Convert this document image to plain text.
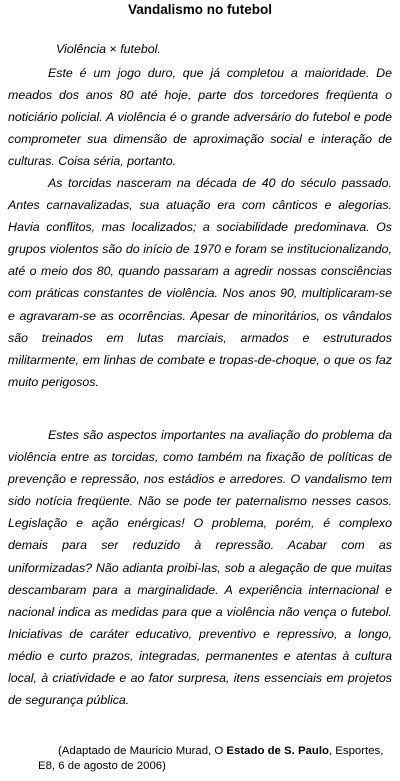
Vandalismo no futebol
Violência × futebol.

Este é um jogo duro, que já completou a maioridade. De meados dos anos 80 até hoje, parte dos torcedores freqüenta o noticiário policial. A violência é o grande adversário do futebol e pode comprometer sua dimensão de aproximação social e interação de culturas. Coisa séria, portanto.

As torcidas nasceram na década de 40 do século passado. Antes carnavalizadas, sua atuação era com cânticos e alegorias. Havia conflitos, mas localizados; a sociabilidade predominava. Os grupos violentos são do início de 1970 e foram se institucionalizando, até o meio dos 80, quando passaram a agredir nossas consciências com práticas constantes de violência. Nos anos 90, multiplicaram-se e agravaram-se as ocorrências. Apesar de minoritários, os vândalos são treinados em lutas marciais, armados e estruturados militarmente, em linhas de combate e tropas-de-choque, o que os faz muito perigosos.

Estes são aspectos importantes na avaliação do problema da violência entre as torcidas, como também na fixação de políticas de prevenção e repressão, nos estádios e arredores. O vandalismo tem sido notícia freqüente. Não se pode ter paternalismo nesses casos. Legislação e ação enérgicas! O problema, porém, é complexo demais para ser reduzido à repressão. Acabar com as uniformizadas? Não adianta proibi-las, sob a alegação de que muitas descambaram para a marginalidade. A experiência internacional e nacional indica as medidas para que a violência não vença o futebol. Iniciativas de caráter educativo, preventivo e repressivo, a longo, médio e curto prazos, integradas, permanentes e atentas à cultura local, à criatividade e ao fator surpresa, itens essenciais em projetos de segurança pública.

(Adaptado de Mauricio Murad, O Estado de S. Paulo, Esportes, E8, 6 de agosto de 2006)
